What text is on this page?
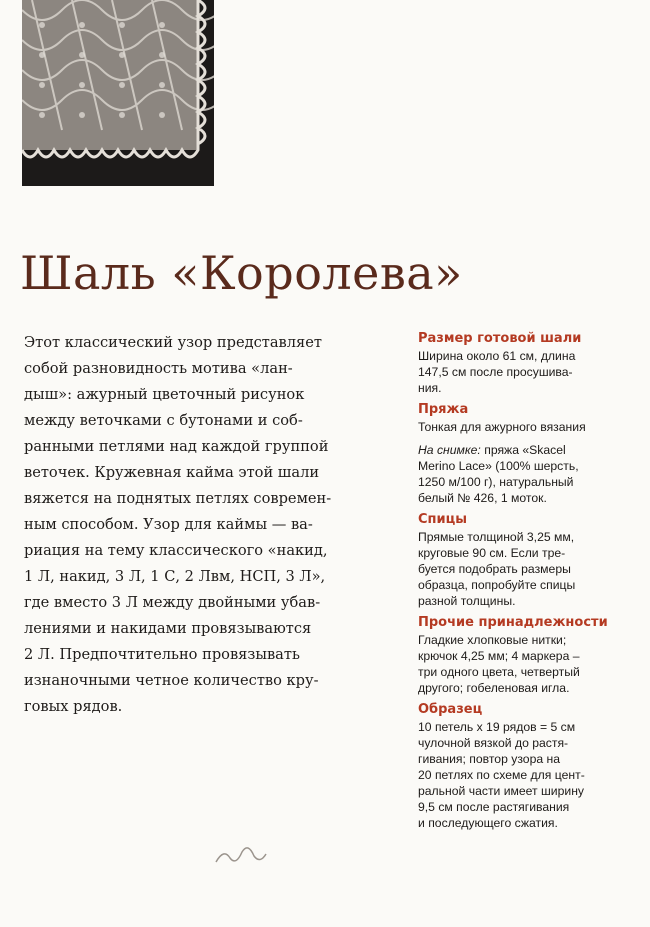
Шаль «Королева»
Этот классический узор представляет
собой разновидность мотива «лан-
дыш»: ажурный цветочный рисунок
между веточками с бутонами и соб-
ранными петлями над каждой группой
веточек. Кружевная кайма этой шали
вяжется на поднятых петлях современ-
ным способом. Узор для каймы — ва-
риация на тему классического «накид,
1 Л, накид, 3 Л, 1 С, 2 Лвм, НСП, 3 Л»,
где вместо 3 Л между двойными убав-
лениями и накидами провязываются
2 Л. Предпочтительно провязывать
изнаночными четное количество кру-
говых рядов.
Размер готовой шали
Ширина около 61 см, длина
147,5 см после просушива-
ния.
Пряжа
Тонкая для ажурного вязания
На снимке: пряжа «Skacel
Merino Lace» (100% шерсть,
1250 м/100 г), натуральный
белый № 426, 1 моток.
Спицы
Прямые толщиной 3,25 мм,
круговые 90 см. Если тре-
буется подобрать размеры
образца, попробуйте спицы
разной толщины.
Прочие принадлежности
Гладкие хлопковые нитки;
крючок 4,25 мм; 4 маркера –
три одного цвета, четвертый
другого; гобеленовая игла.
Образец
10 петель х 19 рядов = 5 см
чулочной вязкой до растя-
гивания; повтор узора на
20 петлях по схеме для цент-
ральной части имеет ширину
9,5 см после растягивания
и последующего сжатия.
